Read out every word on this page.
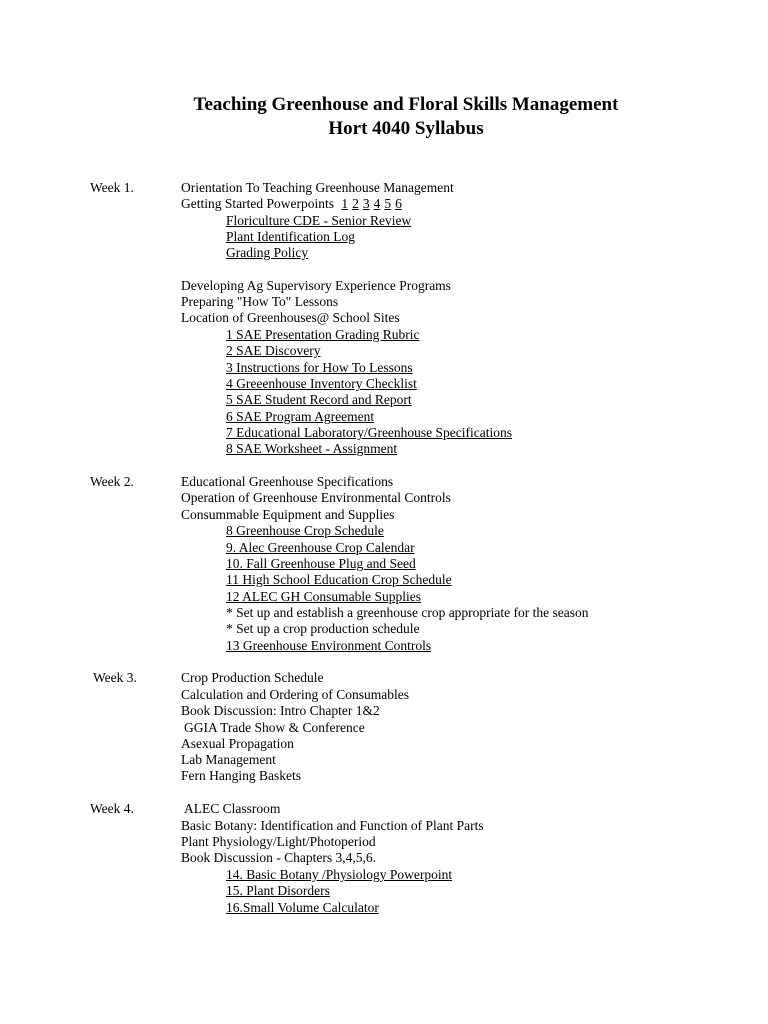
Teaching Greenhouse and Floral Skills Management
Hort 4040 Syllabus
Week 1.	Orientation To Teaching Greenhouse Management
Getting Started Powerpoints 1 2 3 4 5 6
Floriculture CDE - Senior Review
Plant Identification Log
Grading Policy
Developing Ag Supervisory Experience Programs
Preparing "How To" Lessons
Location of Greenhouses@ School Sites
1 SAE Presentation Grading Rubric
2 SAE Discovery
3 Instructions for How To Lessons
4 Greeenhouse Inventory Checklist
5 SAE Student Record and Report
6 SAE Program Agreement
7 Educational Laboratory/Greenhouse Specifications
8 SAE Worksheet - Assignment
Week 2.	Educational Greenhouse Specifications
Operation of Greenhouse Environmental Controls
Consummable Equipment and Supplies
8 Greenhouse Crop Schedule
9. Alec Greenhouse Crop Calendar
10. Fall Greenhouse Plug and Seed
11 High School Education Crop Schedule
12 ALEC GH Consumable Supplies
* Set up and establish a greenhouse crop appropriate for the season
* Set up a crop production schedule
13 Greenhouse Environment Controls
Week 3.	Crop Production Schedule
Calculation and Ordering of Consumables
Book Discussion: Intro Chapter 1&2
GGIA Trade Show & Conference
Asexual Propagation
Lab Management
Fern Hanging Baskets
Week 4.	ALEC Classroom
Basic Botany: Identification and Function of Plant Parts
Plant Physiology/Light/Photoperiod
Book Discussion - Chapters 3,4,5,6.
14. Basic Botany /Physiology Powerpoint
15. Plant Disorders
16.Small Volume Calculator
